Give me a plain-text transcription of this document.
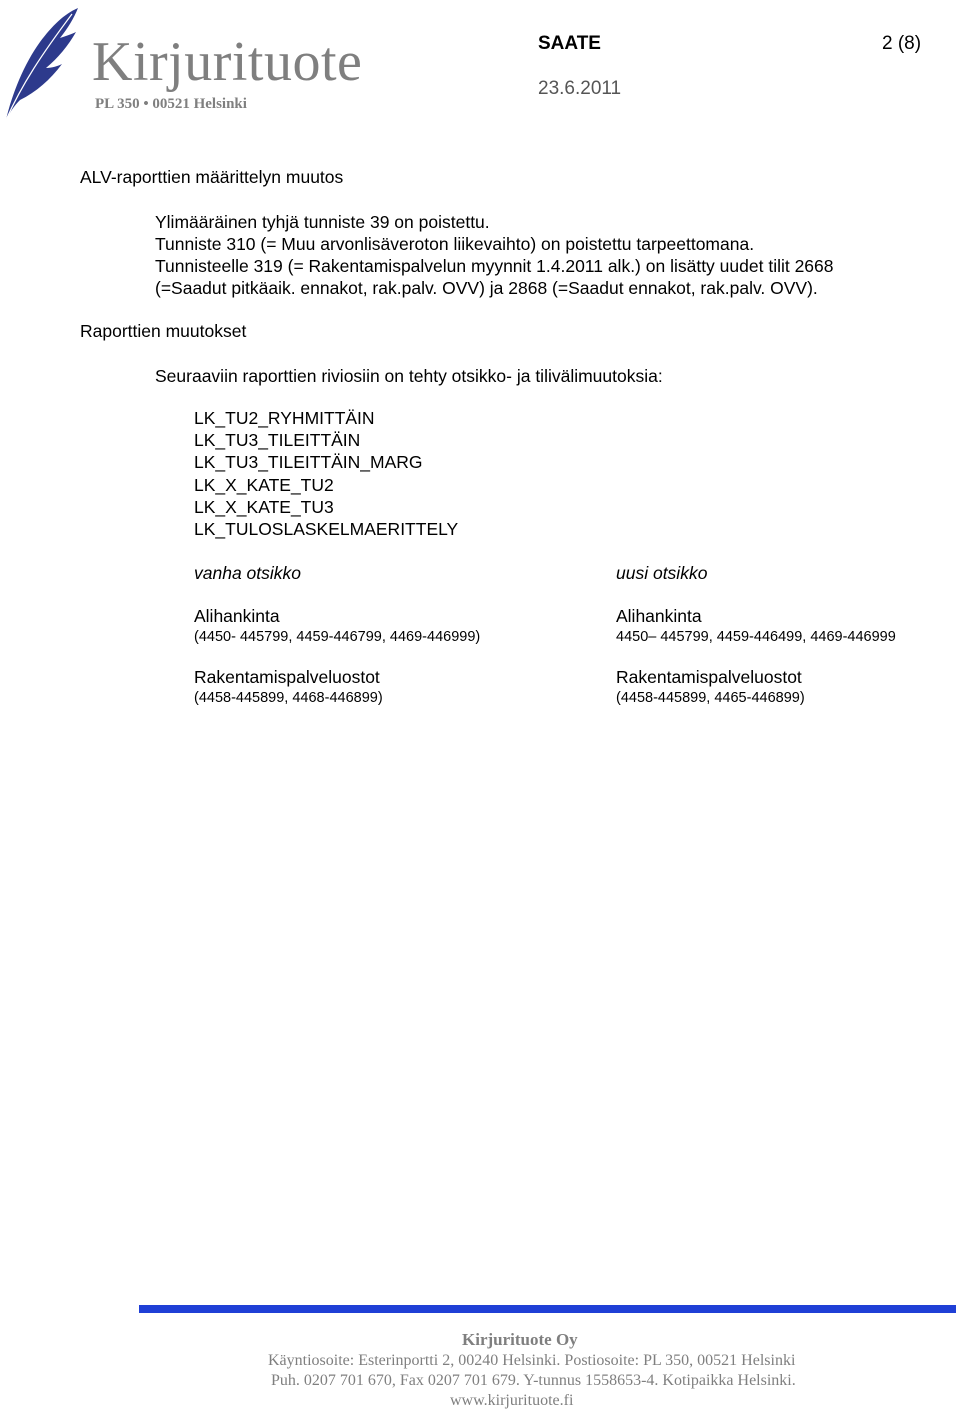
Kirjurituote
PL 350 • 00521 Helsinki
SAATE	2 (8)
23.6.2011
ALV-raporttien määrittelyn muutos
Ylimääräinen tyhjä tunniste 39 on poistettu.
Tunniste 310 (= Muu arvonlisäveroton liikevaihto) on poistettu tarpeettomana.
Tunnisteelle 319 (= Rakentamispalvelun myynnit 1.4.2011 alk.) on lisätty uudet tilit 2668
(=Saadut pitkäaik. ennakot, rak.palv. OVV) ja 2868 (=Saadut ennakot, rak.palv. OVV).
Raporttien muutokset
Seuraaviin raporttien riviosiin on tehty otsikko- ja tilivälimuutoksia:
LK_TU2_RYHMITTÄIN
LK_TU3_TILEITTÄIN
LK_TU3_TILEITTÄIN_MARG
LK_X_KATE_TU2
LK_X_KATE_TU3
LK_TULOSLASKELMAERITTELY
vanha otsikko	uusi otsikko
Alihankinta
(4450- 445799, 4459-446799, 4469-446999)
Alihankinta
4450– 445799, 4459-446499, 4469-446999
Rakentamispalveluostot
(4458-445899, 4468-446899)
Rakentamispalveluostot
(4458-445899, 4465-446899)
Kirjurituote Oy
Käyntiosoite: Esterinportti 2, 00240 Helsinki. Postiosoite: PL 350, 00521 Helsinki
Puh. 0207 701 670, Fax 0207 701 679. Y-tunnus 1558653-4. Kotipaikka Helsinki.
www.kirjurituote.fi
